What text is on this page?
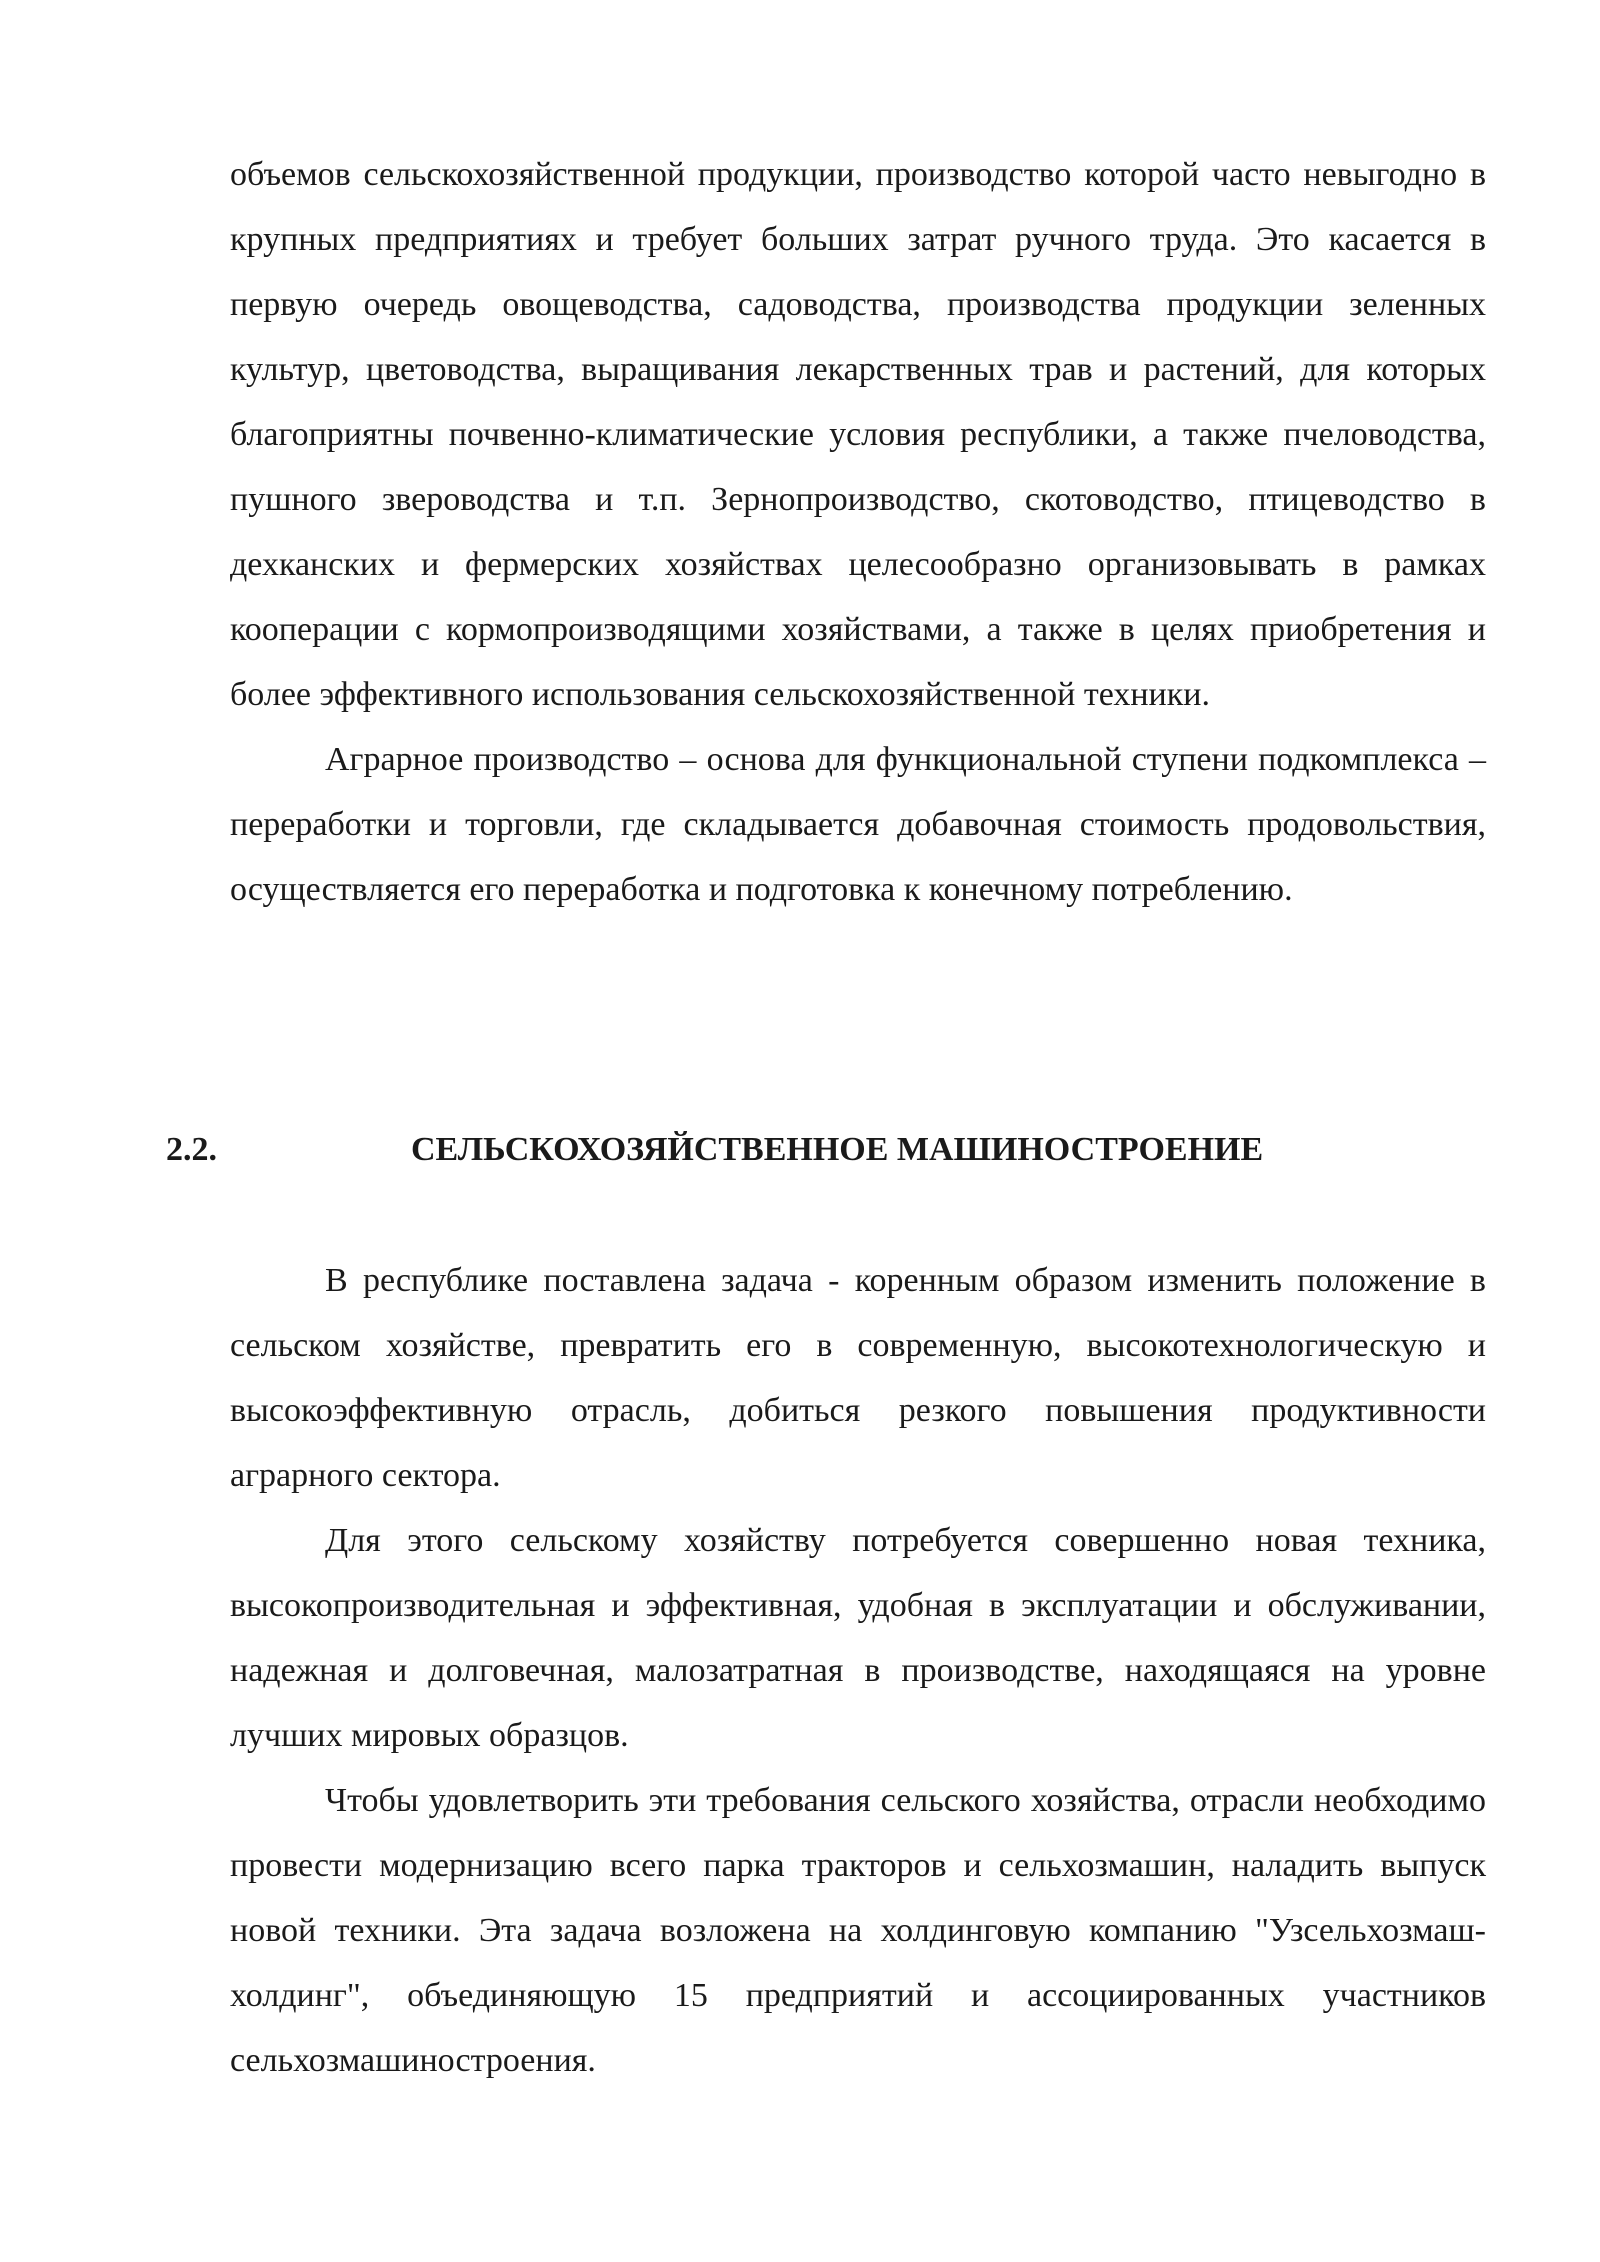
объемов сельскохозяйственной продукции, производство которой часто невыгодно в крупных предприятиях и требует больших затрат ручного труда. Это касается в первую очередь овощеводства, садоводства, производства продукции зеленных культур, цветоводства, выращивания лекарственных трав и растений, для которых благоприятны почвенно-климатические условия республики, а также пчеловодства, пушного звероводства и т.п. Зернопроизводство, скотоводство, птицеводство в дехканских и фермерских хозяйствах целесообразно организовывать в рамках кооперации с кормопроизводящими хозяйствами, а также в целях приобретения и более эффективного использования сельскохозяйственной техники.

Аграрное производство – основа для функциональной ступени подкомплекса – переработки и торговли, где складывается добавочная стоимость продовольствия, осуществляется его переработка и подготовка к конечному потреблению.

2.2.	СЕЛЬСКОХОЗЯЙСТВЕННОЕ МАШИНОСТРОЕНИЕ

В республике поставлена задача - коренным образом изменить положение в сельском хозяйстве, превратить его в современную, высокотехнологическую и высокоэффективную отрасль, добиться резкого повышения продуктивности аграрного сектора.

Для этого сельскому хозяйству потребуется совершенно новая техника, высокопроизводительная и эффективная, удобная в эксплуатации и обслуживании, надежная и долговечная, малозатратная в производстве, находящаяся на уровне лучших мировых образцов.

Чтобы удовлетворить эти требования сельского хозяйства, отрасли необходимо провести модернизацию всего парка тракторов и сельхозмашин, наладить выпуск новой техники. Эта задача возложена на холдинговую компанию "Узсельхозмаш-холдинг", объединяющую 15 предприятий и ассоциированных участников сельхозмашиностроения.
